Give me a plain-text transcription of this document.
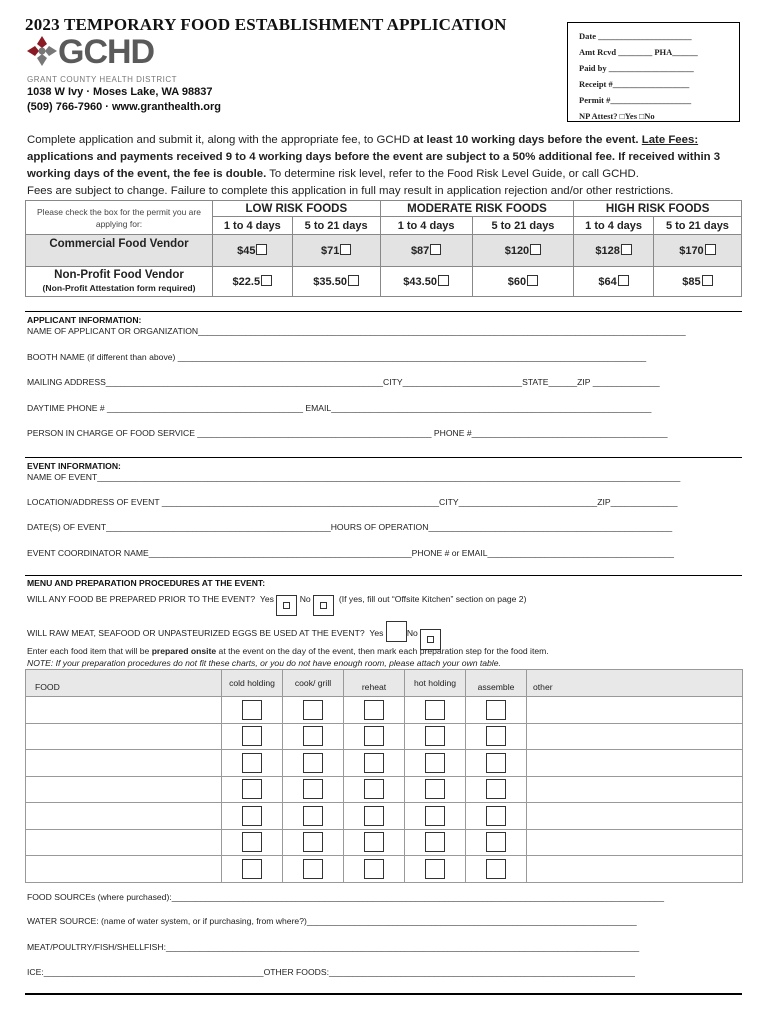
2023 TEMPORARY FOOD ESTABLISHMENT APPLICATION
GCHD
GRANT COUNTY HEALTH DISTRICT
1038 W Ivy · Moses Lake, WA 98837
(509) 766-7960 · www.granthealth.org
Date ______________________
Amt Rcvd ________ PHA______
Paid by ____________________
Receipt #__________________
Permit #___________________
NP Attest? □Yes □No
Complete application and submit it, along with the appropriate fee, to GCHD at least 10 working days before the event. Late Fees:
applications and payments received 9 to 4 working days before the event are subject to a 50% additional fee. If received within 3
working days of the event, the fee is double. To determine risk level, refer to the Food Risk Level Guide, or call GCHD.
Fees are subject to change. Failure to complete this application in full may result in application rejection and/or other restrictions.
Please check the box for the permit you are applying for:	LOW RISK FOODS		MODERATE RISK FOODS		HIGH RISK FOODS	
	1 to 4 days	5 to 21 days	1 to 4 days	5 to 21 days	1 to 4 days	5 to 21 days
Commercial Food Vendor	$45	$71	$87	$120	$128	$170

Non-Profit Food Vendor
(Non-Profit Attestation form required)	$22.5	$35.50	$43.50	$60	$64	$85
APPLICANT INFORMATION:
NAME OF APPLICANT OR ORGANIZATION______________________________________________________________________________________________________
BOOTH NAME (if different than above) __________________________________________________________________________________________________
MAILING ADDRESS__________________________________________________________CITY_________________________STATE______ZIP ______________
DAYTIME PHONE # _________________________________________ EMAIL___________________________________________________________________
PERSON IN CHARGE OF FOOD SERVICE _________________________________________________ PHONE #_________________________________________
EVENT INFORMATION:
NAME OF EVENT__________________________________________________________________________________________________________________________
LOCATION/ADDRESS OF EVENT __________________________________________________________CITY_____________________________ZIP______________
DATE(S) OF EVENT_______________________________________________HOURS OF OPERATION___________________________________________________
EVENT COORDINATOR NAME_______________________________________________________PHONE # or EMAIL_______________________________________
MENU AND PREPARATION PROCEDURES AT THE EVENT:
WILL ANY FOOD BE PREPARED PRIOR TO THE EVENT? Yes	No	(If yes, fill out “Offsite Kitchen” section on page 2)
WILL RAW MEAT, SEAFOOD OR UNPASTEURIZED EGGS BE USED AT THE EVENT? Yes	No
Enter each food item that will be prepared onsite at the event on the day of the event, then mark each preparation step for the food item.
NOTE: If your preparation procedures do not fit these charts, or you do not have enough room, please attach your own table.
FOOD	cold holding	cook/ grill	reheat	hot holding	assemble	other

FOOD SOURCEs (where purchased):_______________________________________________________________________________________________________
WATER SOURCE: (name of water system, or if purchasing, from where?)_____________________________________________________________________
MEAT/POULTRY/FISH/SHELLFISH:___________________________________________________________________________________________________
ICE:______________________________________________OTHER FOODS:________________________________________________________________
